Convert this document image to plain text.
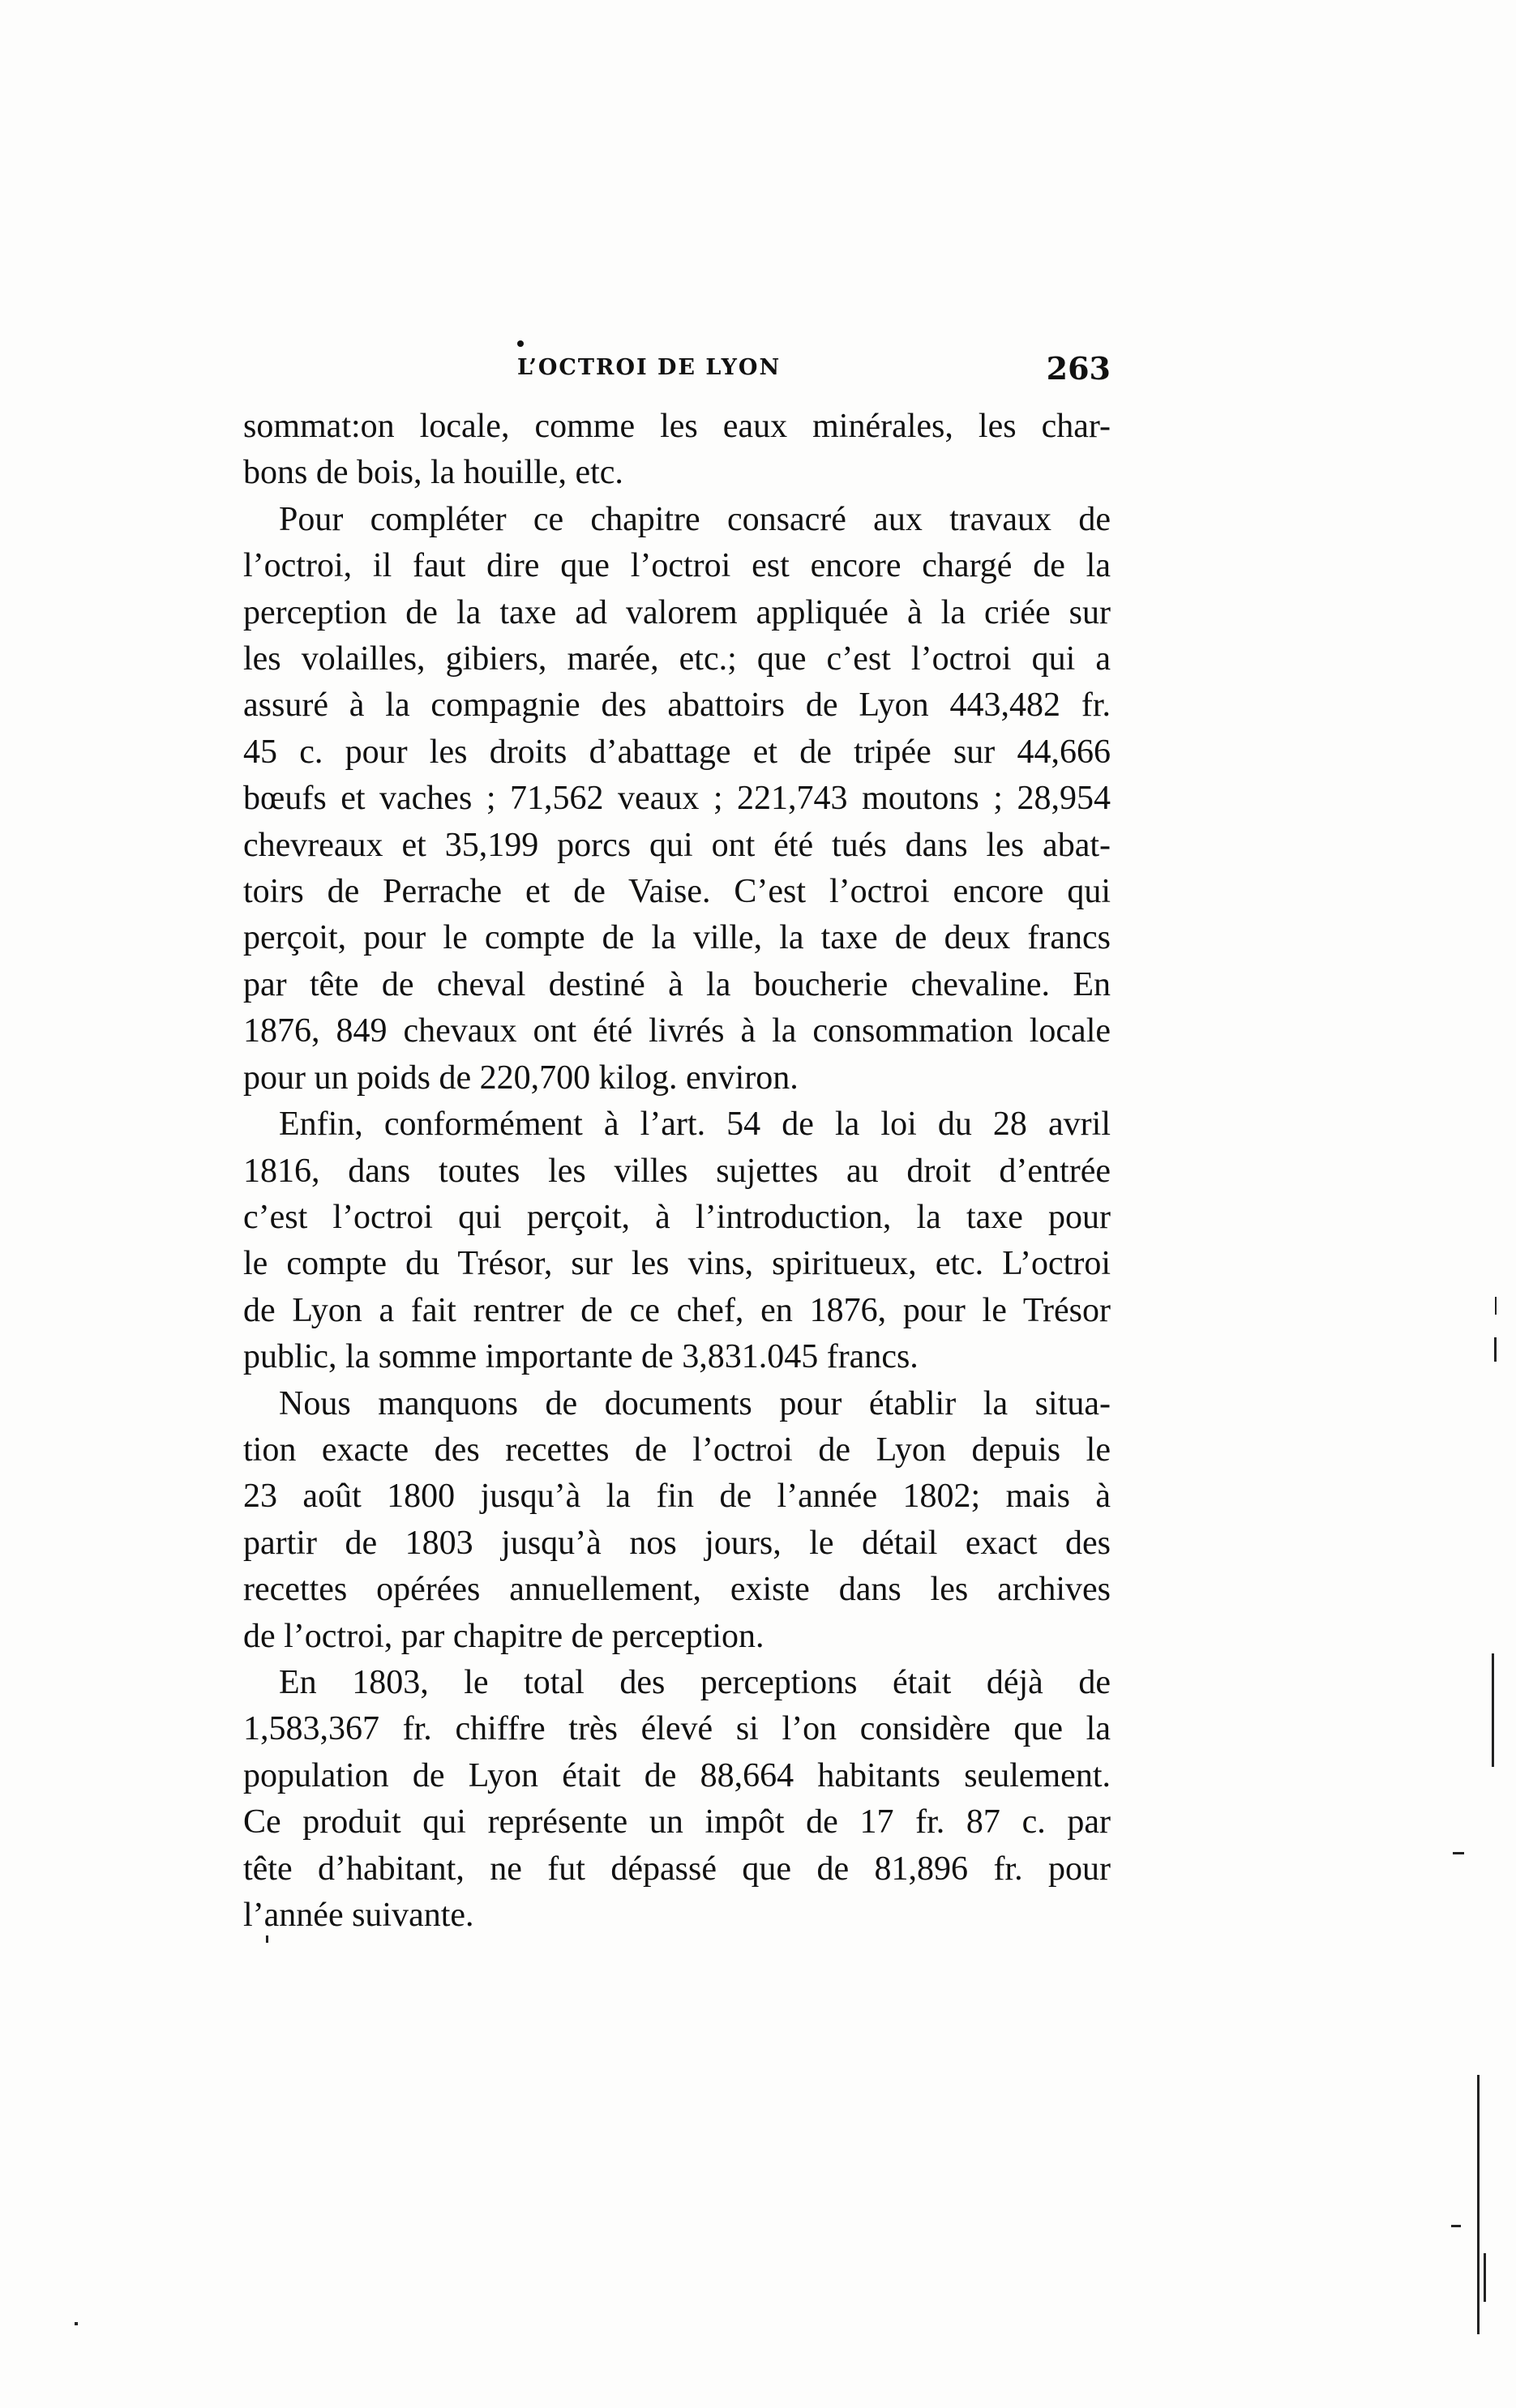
L’OCTROI DE LYON	263

sommat:on locale, comme les eaux minérales, les char-
bons de bois, la houille, etc.

Pour compléter ce chapitre consacré aux travaux de
l’octroi, il faut dire que l’octroi est encore chargé de la
perception de la taxe ad valorem appliquée à la criée sur
les volailles, gibiers, marée, etc.; que c’est l’octroi qui a
assuré à la compagnie des abattoirs de Lyon 443,482 fr.
45 c. pour les droits d’abattage et de tripée sur 44,666
bœufs et vaches ; 71,562 veaux ; 221,743 moutons ; 28,954
chevreaux et 35,199 porcs qui ont été tués dans les abat-
toirs de Perrache et de Vaise. C’est l’octroi encore qui
perçoit, pour le compte de la ville, la taxe de deux francs
par tête de cheval destiné à la boucherie chevaline. En
1876, 849 chevaux ont été livrés à la consommation locale
pour un poids de 220,700 kilog. environ.

Enfin, conformément à l’art. 54 de la loi du 28 avril
1816, dans toutes les villes sujettes au droit d’entrée
c’est l’octroi qui perçoit, à l’introduction, la taxe pour
le compte du Trésor, sur les vins, spiritueux, etc. L’octroi
de Lyon a fait rentrer de ce chef, en 1876, pour le Trésor
public, la somme importante de 3,831.045 francs.

Nous manquons de documents pour établir la situa-
tion exacte des recettes de l’octroi de Lyon depuis le
23 août 1800 jusqu’à la fin de l’année 1802; mais à
partir de 1803 jusqu’à nos jours, le détail exact des
recettes opérées annuellement, existe dans les archives
de l’octroi, par chapitre de perception.

En 1803, le total des perceptions était déjà de
1,583,367 fr. chiffre très élevé si l’on considère que la
population de Lyon était de 88,664 habitants seulement.
Ce produit qui représente un impôt de 17 fr. 87 c. par
tête d’habitant, ne fut dépassé que de 81,896 fr. pour
l’année suivante.
